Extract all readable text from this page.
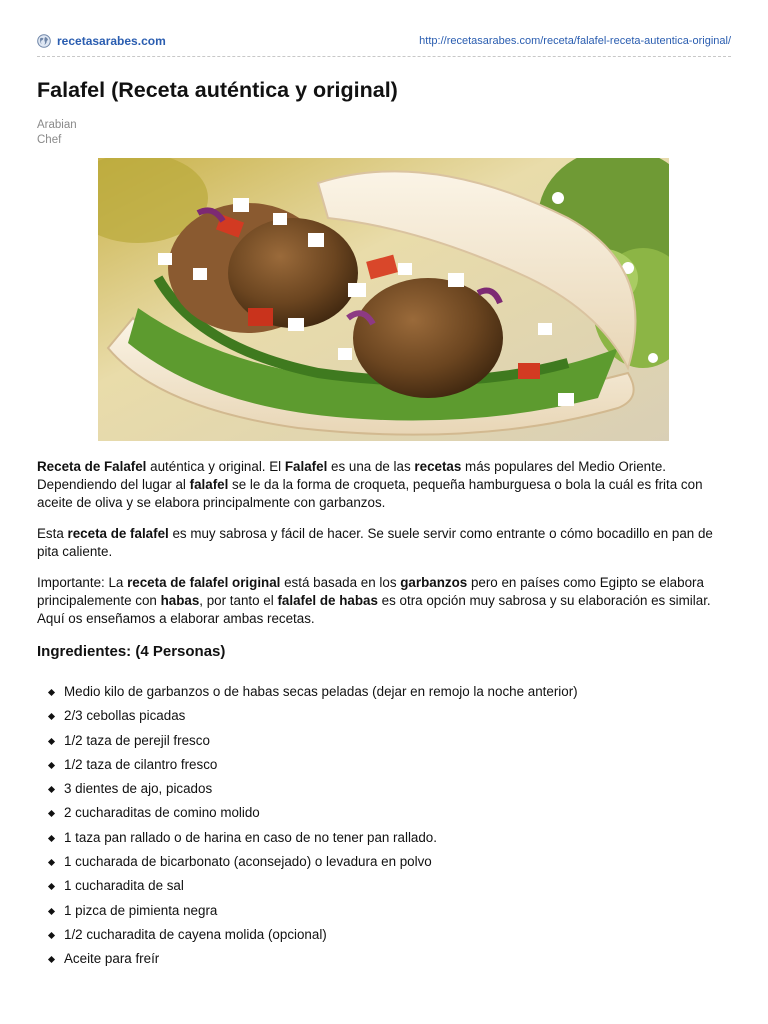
recetasarabes.com	http://recetasarabes.com/receta/falafel-receta-autentica-original/
Falafel (Receta auténtica y original)
Arabian
Chef

Receta de Falafel auténtica y original. El Falafel es una de las recetas más populares del Medio Oriente. Dependiendo del lugar al falafel se le da la forma de croqueta, pequeña hamburguesa o bola la cuál es frita con aceite de oliva y se elabora principalmente con garbanzos.

Esta receta de falafel es muy sabrosa y fácil de hacer. Se suele servir como entrante o cómo bocadillo en pan de pita caliente.

Importante: La receta de falafel original está basada en los garbanzos pero en países como Egipto se elabora principalemente con habas, por tanto el falafel de habas es otra opción muy sabrosa y su elaboración es similar. Aquí os enseñamos a elaborar ambas recetas.

Ingredientes: (4 Personas)
Medio kilo de garbanzos o de habas secas peladas (dejar en remojo la noche anterior)
2/3 cebollas picadas
1/2 taza de perejil fresco
1/2 taza de cilantro fresco
3 dientes de ajo, picados
2 cucharaditas de comino molido
1 taza pan rallado o de harina en caso de no tener pan rallado.
1 cucharada de bicarbonato (aconsejado) o levadura en polvo
1 cucharadita de sal
1 pizca de pimienta negra
1/2 cucharadita de cayena molida (opcional)
Aceite para freír
